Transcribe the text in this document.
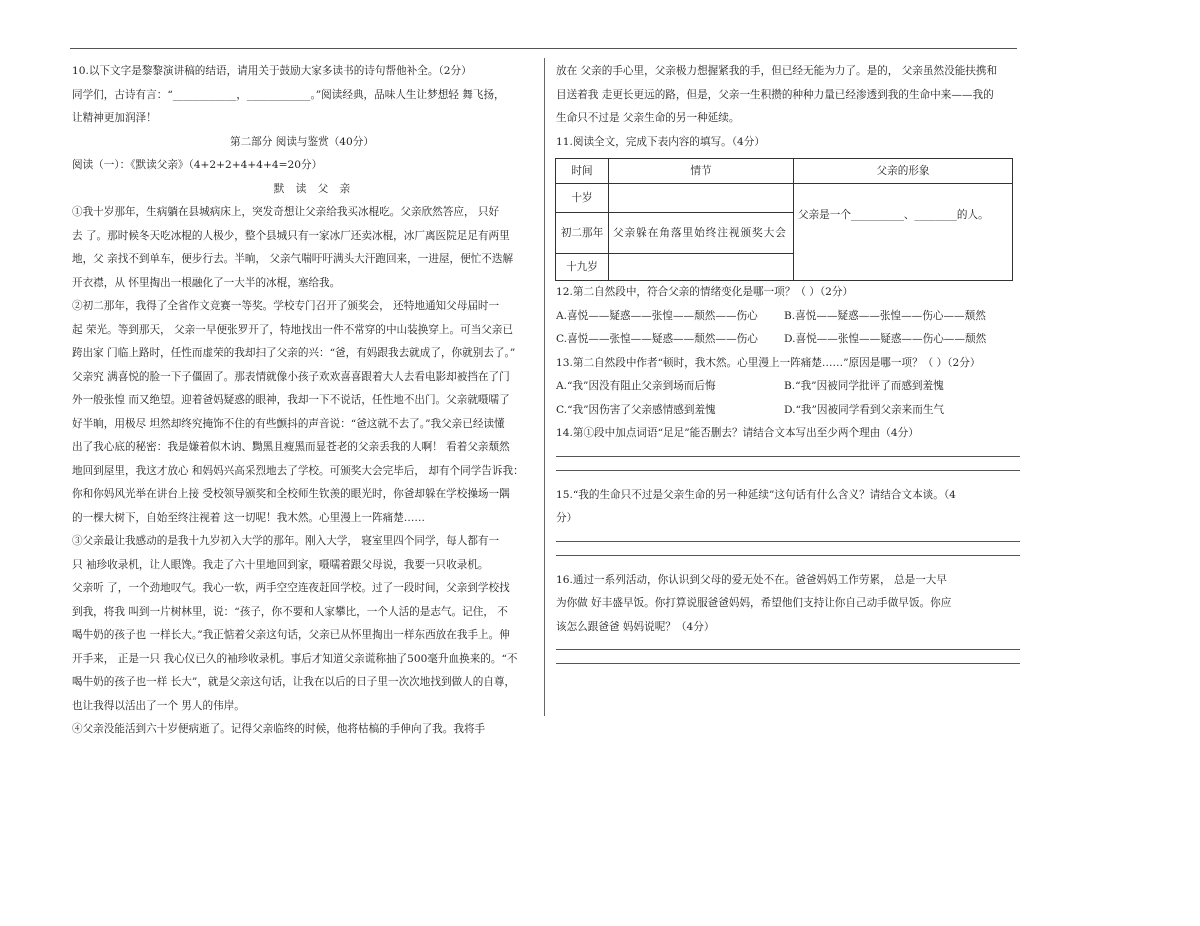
10.以下文字是黎黎演讲稿的结语，请用关于鼓励大家多读书的诗句帮他补全。（2分）
同学们，古诗有言：“____________，____________。”阅读经典，品味人生让梦想轻 舞飞扬，
让精神更加润泽！
第二部分 阅读与鉴赏（40分）
阅读（一）：《默读父亲》（4+2+2+4+4+4=20分）
默 读 父 亲
①我十岁那年，生病躺在县城病床上，突发奇想让父亲给我买冰棍吃。父亲欣然答应， 只好
去 了。那时候冬天吃冰棍的人极少，整个县城只有一家冰厂还卖冰棍，冰厂离医院足足有两里
地，父 亲找不到单车，便步行去。半晌， 父亲气喘吁吁满头大汗跑回来，一进屋，便忙不迭解
开衣襟，从 怀里掏出一根融化了一大半的冰棍，塞给我。
②初二那年，我得了全省作文竞赛一等奖。学校专门召开了颁奖会， 还特地通知父母届时一
起 荣光。等到那天， 父亲一早便张罗开了，特地找出一件不常穿的中山装换穿上。可当父亲已
跨出家 门临上路时，任性而虚荣的我却扫了父亲的兴：“爸，有妈跟我去就成了，你就别去了。”
父亲究 满喜悦的脸一下子僵固了。那表情就像小孩子欢欢喜喜跟着大人去看电影却被挡在了门
外一般张惶 而又绝望。迎着爸妈疑惑的眼神，我却一下不说话，任性地不出门。父亲就嗫嚅了
好半晌，用极尽 坦然却终究掩饰不住的有些颤抖的声音说：“爸这就不去了。”我父亲已经读懂
出了我心底的秘密：我是嫌着似木讷、黝黑且瘦黑而显苍老的父亲丢我的人啊！ 看着父亲颓然
地回到屋里，我这才放心 和妈妈兴高采烈地去了学校。可颁奖大会完毕后， 却有个同学告诉我：
你和你妈风光举在讲台上接 受校领导颁奖和全校师生钦羡的眼光时，你爸却躲在学校操场一隅
的一棵大树下，自始至终注视着 这一切呢！我木然。心里漫上一阵痛楚……
③父亲最让我感动的是我十九岁初入大学的那年。刚入大学， 寝室里四个同学，每人都有一
只 袖珍收录机，让人眼馋。我走了六十里地回到家，嗫嚅着跟父母说，我要一只收录机。
父亲听 了，一个劲地叹气。我心一软，两手空空连夜赶回学校。过了一段时间，父亲到学校找
到我，将我 叫到一片树林里，说：“孩子，你不要和人家攀比，一个人活的是志气。记住， 不
喝牛奶的孩子也 一样长大。”我正惦着父亲这句话，父亲已从怀里掏出一样东西放在我手上。伸
开手来， 正是一只 我心仪已久的袖珍收录机。事后才知道父亲谎称抽了500毫升血换来的。“不
喝牛奶的孩子也一样 长大”，就是父亲这句话，让我在以后的日子里一次次地找到做人的自尊，
也让我得以活出了一个 男人的伟岸。
④父亲没能活到六十岁便病逝了。记得父亲临终的时候，他将枯槁的手伸向了我。我将手
放在 父亲的手心里，父亲极力想握紧我的手，但已经无能为力了。是的， 父亲虽然没能扶携和
目送着我 走更长更远的路，但是，父亲一生积攒的种种力量已经渗透到我的生命中来——我的
生命只不过是 父亲生命的另一种延续。
11.阅读全文，完成下表内容的填写。（4分）
时间	情节	父亲的形象
十岁		父亲是一个__________、________的人。
初二那年	父亲躲在角落里始终注视颁奖大会	
十九岁		
12.第二自然段中，符合父亲的情绪变化是哪一项？（ ）（2分）
A.喜悦——疑惑——张惶——颓然——伤心	B.喜悦——疑惑——张惶——伤心——颓然
C.喜悦——张惶——疑惑——颓然——伤心	D.喜悦——张惶——疑惑——伤心——颓然
13.第二自然段中作者“顿时，我木然。心里漫上一阵痛楚……”原因是哪一项？（ ）（2分）
A.“我”因没有阻止父亲到场而后悔	B.“我”因被同学批评了而感到羞愧
C.“我”因伤害了父亲感情感到羞愧	D.“我”因被同学看到父亲来而生气
14.第①段中加点词语“足足”能否删去？请结合文本写出至少两个理由（4分）
15.“我的生命只不过是父亲生命的另一种延续”这句话有什么含义？请结合文本谈。（4
分）
16.通过一系列活动，你认识到父母的爱无处不在。爸爸妈妈工作劳累， 总是一大早
为你做 好丰盛早饭。你打算说服爸爸妈妈，希望他们支持让你自己动手做早饭。你应
该怎么跟爸爸 妈妈说呢？（4分）
